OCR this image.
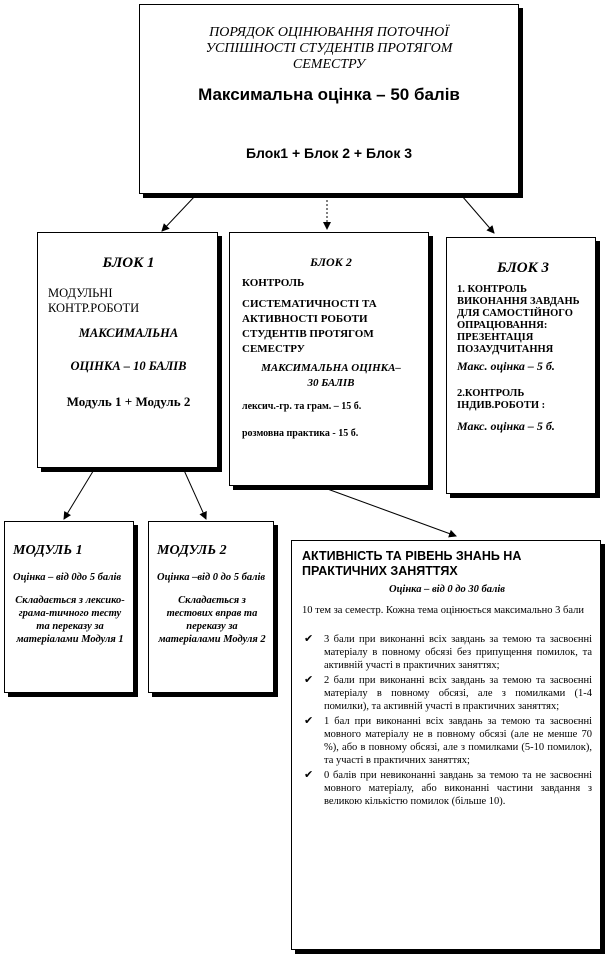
ПОРЯДОК ОЦІНЮВАННЯ ПОТОЧНОЇ

УСПІШНОСТІ СТУДЕНТІВ ПРОТЯГОМ

СЕМЕСТРУ

Максимальна оцінка – 50 балів

Блок1 + Блок 2 + Блок 3

БЛОК 1

МОДУЛЬНІ

КОНТР.РОБОТИ

МАКСИМАЛЬНА

ОЦІНКА – 10 БАЛІВ

Модуль 1 + Модуль 2

БЛОК 2

КОНТРОЛЬ

СИСТЕМАТИЧНОСТІ ТА АКТИВНОСТІ РОБОТИ СТУДЕНТІВ ПРОТЯГОМ СЕМЕСТРУ

МАКСИМАЛЬНА ОЦІНКА–

30 БАЛІВ

лексич.-гр. та грам. – 15 б.

розмовна практика - 15 б.

БЛОК 3

1. КОНТРОЛЬ ВИКОНАННЯ ЗАВДАНЬ ДЛЯ САМОСТІЙНОГО ОПРАЦЮВАННЯ: ПРЕЗЕНТАЦІЯ ПОЗАУДЧИТАННЯ

Макс. оцінка – 5 б.

2.КОНТРОЛЬ ІНДИВ.РОБОТИ :

Макс. оцінка – 5 б.

МОДУЛЬ 1

Оцінка – від 0до 5 балів

Складається з лексико-грама-тичного тесту та переказу за матеріалами Модуля 1

МОДУЛЬ 2

Оцінка –від 0 до 5 балів

Складається з тестових вправ та переказу за матеріалами Модуля 2

АКТИВНІСТЬ ТА РІВЕНЬ ЗНАНЬ НА ПРАКТИЧНИХ ЗАНЯТТЯХ

Оцінка – від 0 до 30 балів

10 тем за семестр. Кожна тема оцінюється максимально 3 бали

✔ 3 бали при виконанні всіх завдань за темою та засвоєнні матеріалу в повному обсязі без припущення помилок, та активній участі в практичних заняттях;
✔ 2 бали при виконанні всіх завдань за темою та засвоєнні матеріалу в повному обсязі, але з помилками (1-4 помилки), та активній участі в практичних заняттях;
✔ 1 бал при виконанні всіх завдань за темою та засвоєнні мовного матеріалу не в повному обсязі (але не менше 70 %), або в повному обсязі, але з помилками (5-10 помилок), та участі в практичних заняттях;
✔ 0 балів при невиконанні завдань за темою та не засвоєнні мовного матеріалу, або виконанні частини завдання з великою кількістю помилок (більше 10).
